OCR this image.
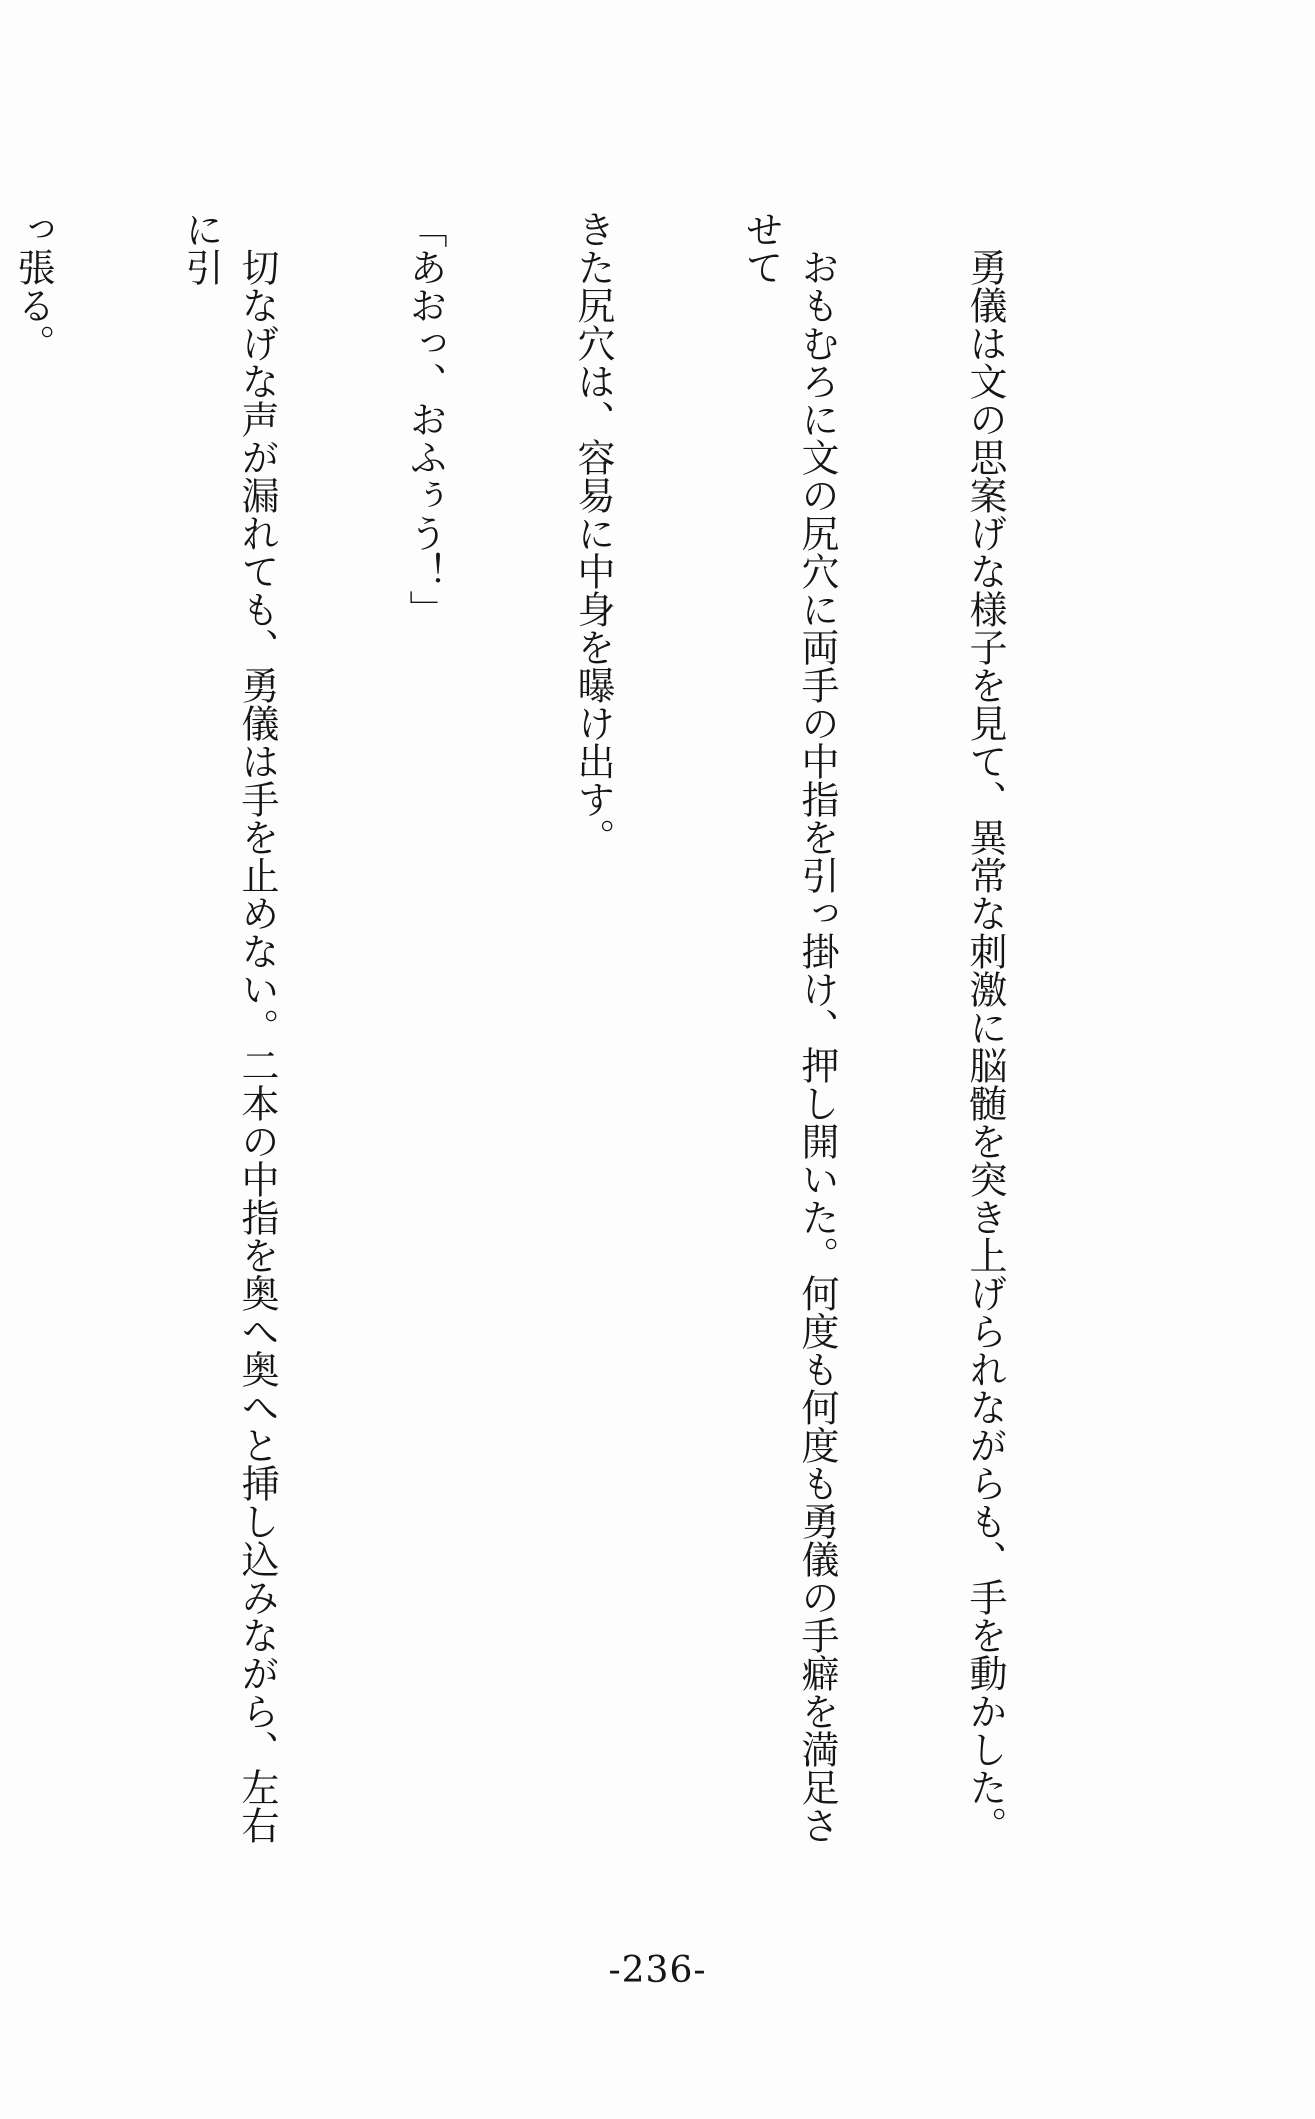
　勇儀は文の思案げな様子を見て、異常な刺激に脳髄を突き上げられながらも、手を動かした。

　おもむろに文の尻穴に両手の中指を引っ掛け、押し開いた。何度も何度も勇儀の手癖を満足させて

きた尻穴は、容易に中身を曝け出す。

「あおっ、おふぅう！」

　切なげな声が漏れても、勇儀は手を止めない。二本の中指を奥へ奥へと挿し込みながら、左右に引

っ張る。

-236-
